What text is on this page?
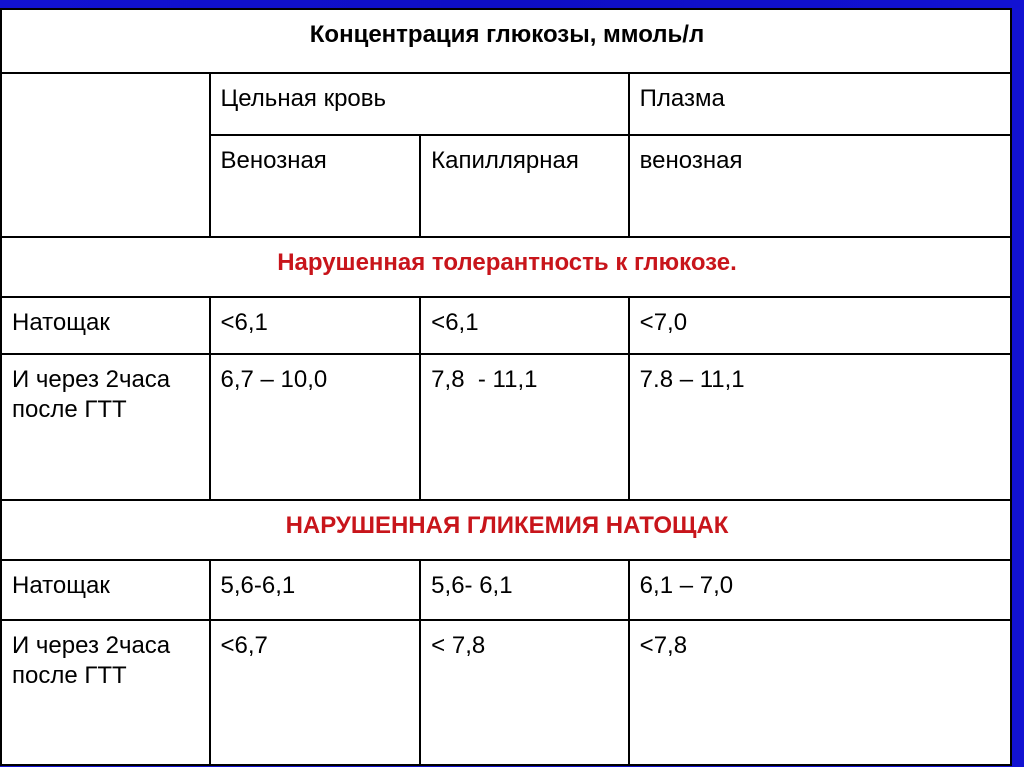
Концентрация глюкозы, ммоль/л			
	Цельная кровь		Плазма
	Венозная	Капиллярная	венозная
Нарушенная толерантность к глюкозе.			
Натощак	<6,1	<6,1	<7,0
И через 2часа после ГТТ	6,7 – 10,0	7,8  - 11,1	7.8 – 11,1
НАРУШЕННАЯ ГЛИКЕМИЯ НАТОЩАК			
Натощак	5,6-6,1	5,6- 6,1	6,1 – 7,0
И через 2часа после ГТТ	<6,7	< 7,8	<7,8
